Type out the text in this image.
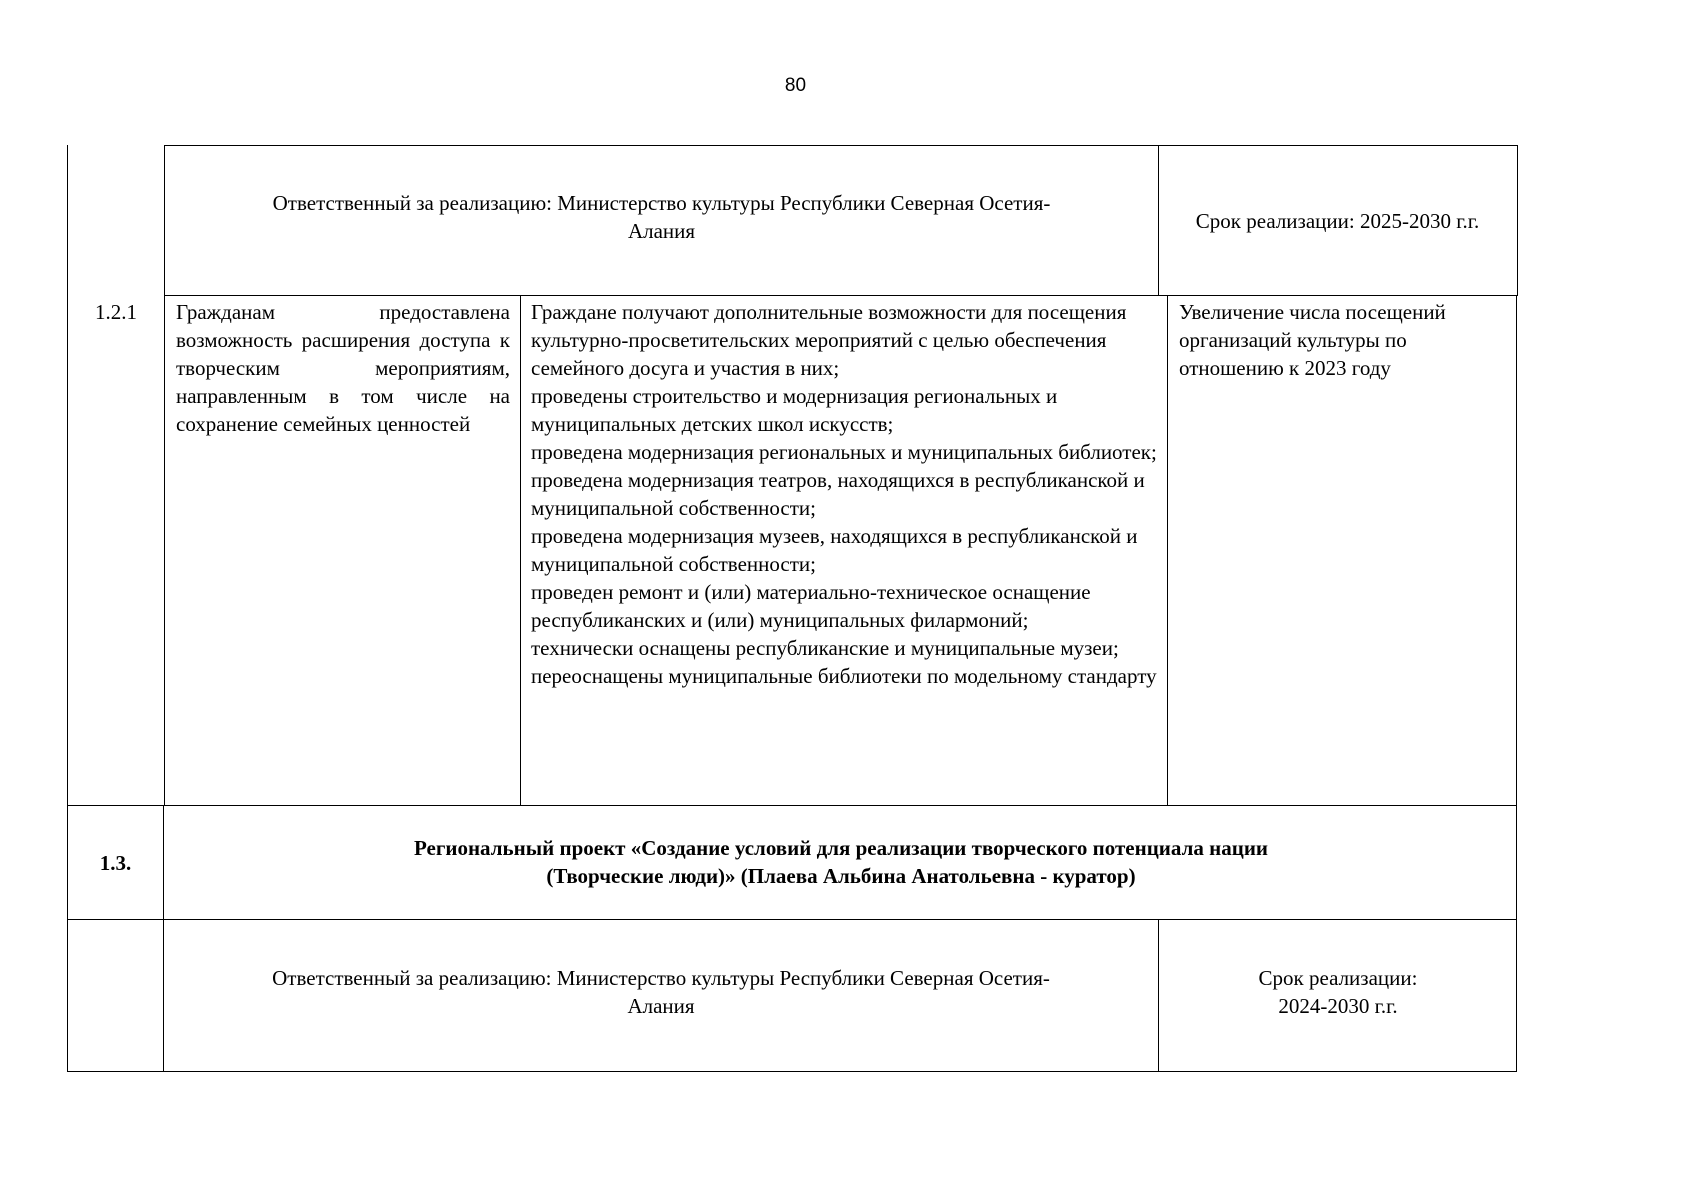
80
Ответственный за реализацию: Министерство культуры Республики Северная Осетия-Алания	Срок реализации: 2025-2030 г.г.
1.2.1	Гражданам предоставлена возможность расширения доступа к творческим мероприятиям, направленным в том числе на сохранение семейных ценностей
Граждане получают дополнительные возможности для посещения культурно-просветительских мероприятий с целью обеспечения семейного досуга и участия в них;
проведены строительство и модернизация региональных и муниципальных детских школ искусств;
проведена модернизация региональных и муниципальных библиотек;
проведена модернизация театров, находящихся в республиканской и муниципальной собственности;
проведена модернизация музеев, находящихся в республиканской и муниципальной собственности;
проведен ремонт и (или) материально-техническое оснащение республиканских и (или) муниципальных филармоний;
технически оснащены республиканские и муниципальные музеи;
переоснащены муниципальные библиотеки по модельному стандарту
Увеличение числа посещений организаций культуры по отношению к 2023 году
1.3.
Региональный проект «Создание условий для реализации творческого потенциала нации
(Творческие люди)» (Плаева Альбина Анатольевна - куратор)
Ответственный за реализацию: Министерство культуры Республики Северная Осетия-Алания
Срок реализации:
2024-2030 г.г.
